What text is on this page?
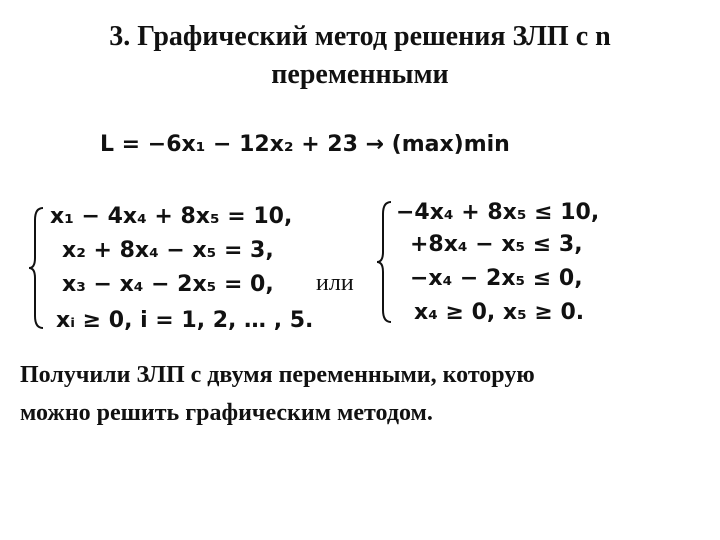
3. Графический метод решения ЗЛП с n
переменными
L = −6x₁ − 12x₂ + 23 → (max)min
x₁ − 4x₄ + 8x₅ = 10,
x₂ + 8x₄ − x₅ = 3,
x₃ − x₄ − 2x₅ = 0,
xᵢ ≥ 0, i = 1, 2, … , 5.
или
−4x₄ + 8x₅ ≤ 10,
+8x₄ − x₅ ≤ 3,
−x₄ − 2x₅ ≤ 0,
x₄ ≥ 0, x₅ ≥ 0.
Получили ЗЛП с двумя переменными, которую
можно решить графическим методом.
